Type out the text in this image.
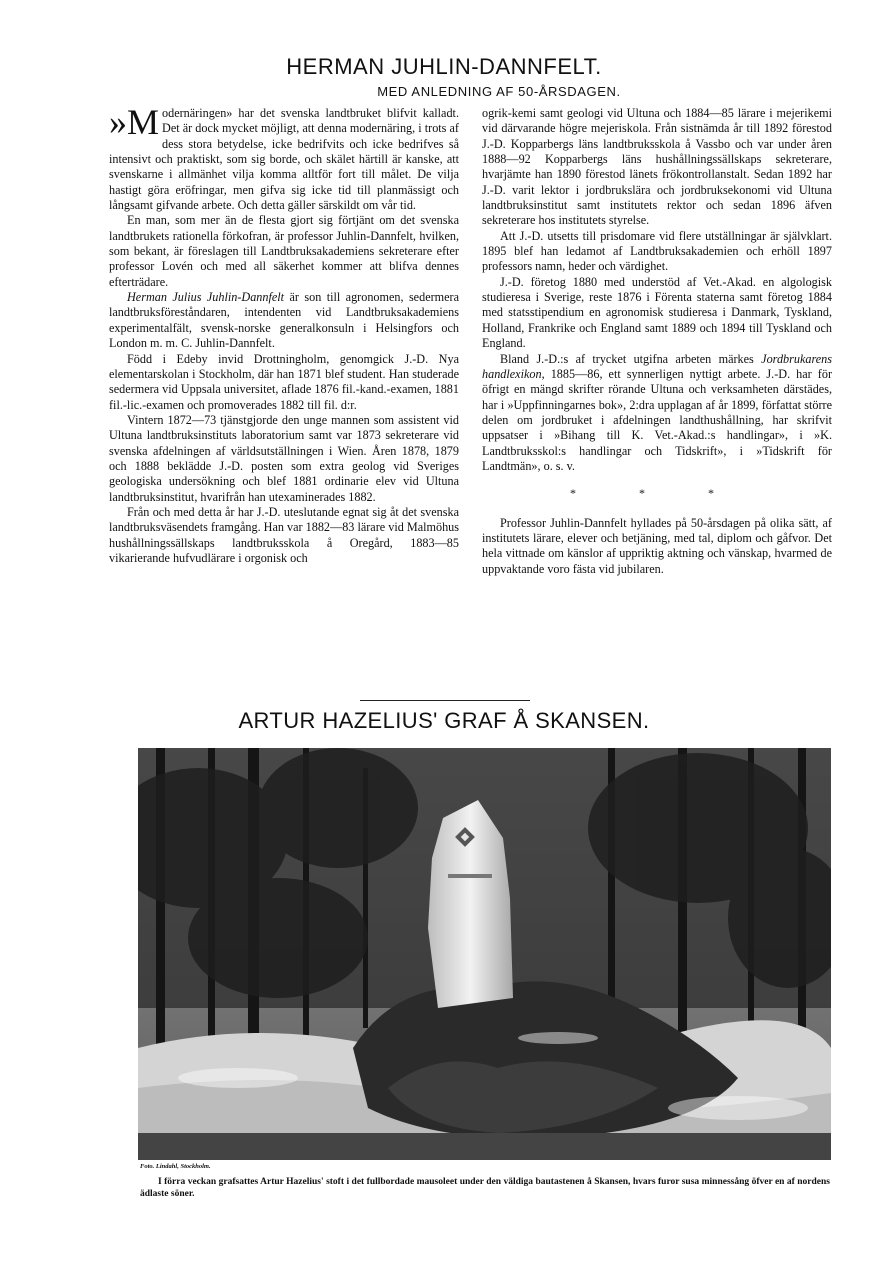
HERMAN JUHLIN-DANNFELT.
MED ANLEDNING AF 50-ÅRSDAGEN.

»M odernäringen» har det svenska landtbruket blifvit kalladt. Det är dock mycket möjligt, att denna modernäring, i trots af dess stora betydelse, icke bedrifvits och icke bedrifves så intensivt och praktiskt, som sig borde, och skälet härtill är kanske, att svenskarne i allmänhet vilja komma alltför fort till målet. De vilja hastigt göra eröfringar, men gifva sig icke tid till planmässigt och långsamt gifvande arbete. Och detta gäller särskildt om vår tid.

En man, som mer än de flesta gjort sig förtjänt om det svenska landtbrukets rationella förkofran, är professor Juhlin-Dannfelt, hvilken, som bekant, är föreslagen till Landtbruksakademiens sekreterare efter professor Lovén och med all säkerhet kommer att blifva dennes efterträdare.

Herman Julius Juhlin-Dannfelt är son till agronomen, sedermera landtbruksföreståndaren, intendenten vid Landtbruksakademiens experimentalfält, svensk-norske generalkonsuln i Helsingfors och London m. m. C. Juhlin-Dannfelt.

Född i Edeby invid Drottningholm, genomgick J.-D. Nya elementarskolan i Stockholm, där han 1871 blef student. Han studerade sedermera vid Uppsala universitet, aflade 1876 fil.-kand.-examen, 1881 fil.-lic.-examen och promoverades 1882 till fil. d:r.

Vintern 1872—73 tjänstgjorde den unge mannen som assistent vid Ultuna landtbruksinstituts laboratorium samt var 1873 sekreterare vid svenska afdelningen af världsutställningen i Wien. Åren 1878, 1879 och 1888 beklädde J.-D. posten som extra geolog vid Sveriges geologiska undersökning och blef 1881 ordinarie elev vid Ultuna landtbruksinstitut, hvarifrån han utexaminerades 1882.

Från och med detta år har J.-D. uteslutande egnat sig åt det svenska landtbruksväsendets framgång. Han var 1882—83 lärare vid Malmöhus hushållningssällskaps landtbruksskola å Oregård, 1883—85 vikarierande hufvudlärare i orgonisk och

ogrik-kemi samt geologi vid Ultuna och 1884—85 lärare i mejerikemi vid därvarande högre mejeriskola. Från sistnämda år till 1892 förestod J.-D. Kopparbergs läns landtbruksskola å Vassbo och var under åren 1888—92 Kopparbergs läns hushållningssällskaps sekreterare, hvarjämte han 1890 förestod länets frökontrollanstalt. Sedan 1892 har J.-D. varit lektor i jordbrukslära och jordbruksekonomi vid Ultuna landtbruksinstitut samt institutets rektor och sedan 1896 äfven sekreterare hos institutets styrelse.

Att J.-D. utsetts till prisdomare vid flere utställningar är självklart. 1895 blef han ledamot af Landtbruksakademien och erhöll 1897 professors namn, heder och värdighet.

J.-D. företog 1880 med understöd af Vet.-Akad. en algologisk studieresa i Sverige, reste 1876 i Förenta staterna samt företog 1884 med statsstipendium en agronomisk studieresa i Danmark, Tyskland, Holland, Frankrike och England samt 1889 och 1894 till Tyskland och England.

Bland J.-D.:s af trycket utgifna arbeten märkes Jordbrukarens handlexikon, 1885—86, ett synnerligen nyttigt arbete. J.-D. har för öfrigt en mängd skrifter rörande Ultuna och verksamheten därstädes, har i »Uppfinningarnes bok», 2:dra upplagan af år 1899, författat större delen om jordbruket i afdelningen landthushållning, har skrifvit uppsatser i »Bihang till K. Vet.-Akad.:s handlingar», i »K. Landtbruksskol:s handlingar och Tidskrift», i »Tidskrift för Landtmän», o. s. v.

* * *

Professor Juhlin-Dannfelt hyllades på 50-årsdagen på olika sätt, af institutets lärare, elever och betjäning, med tal, diplom och gåfvor. Det hela vittnade om känslor af uppriktig aktning och vänskap, hvarmed de uppvaktande voro fästa vid jubilaren.

ARTUR HAZELIUS' GRAF Å SKANSEN.
Foto. Lindahl, Stockholm.
I förra veckan grafsattes Artur Hazelius' stoft i det fullbordade mausoleet under den väldiga bautastenen å Skansen, hvars furor susa minnessång öfver en af nordens ädlaste söner.
